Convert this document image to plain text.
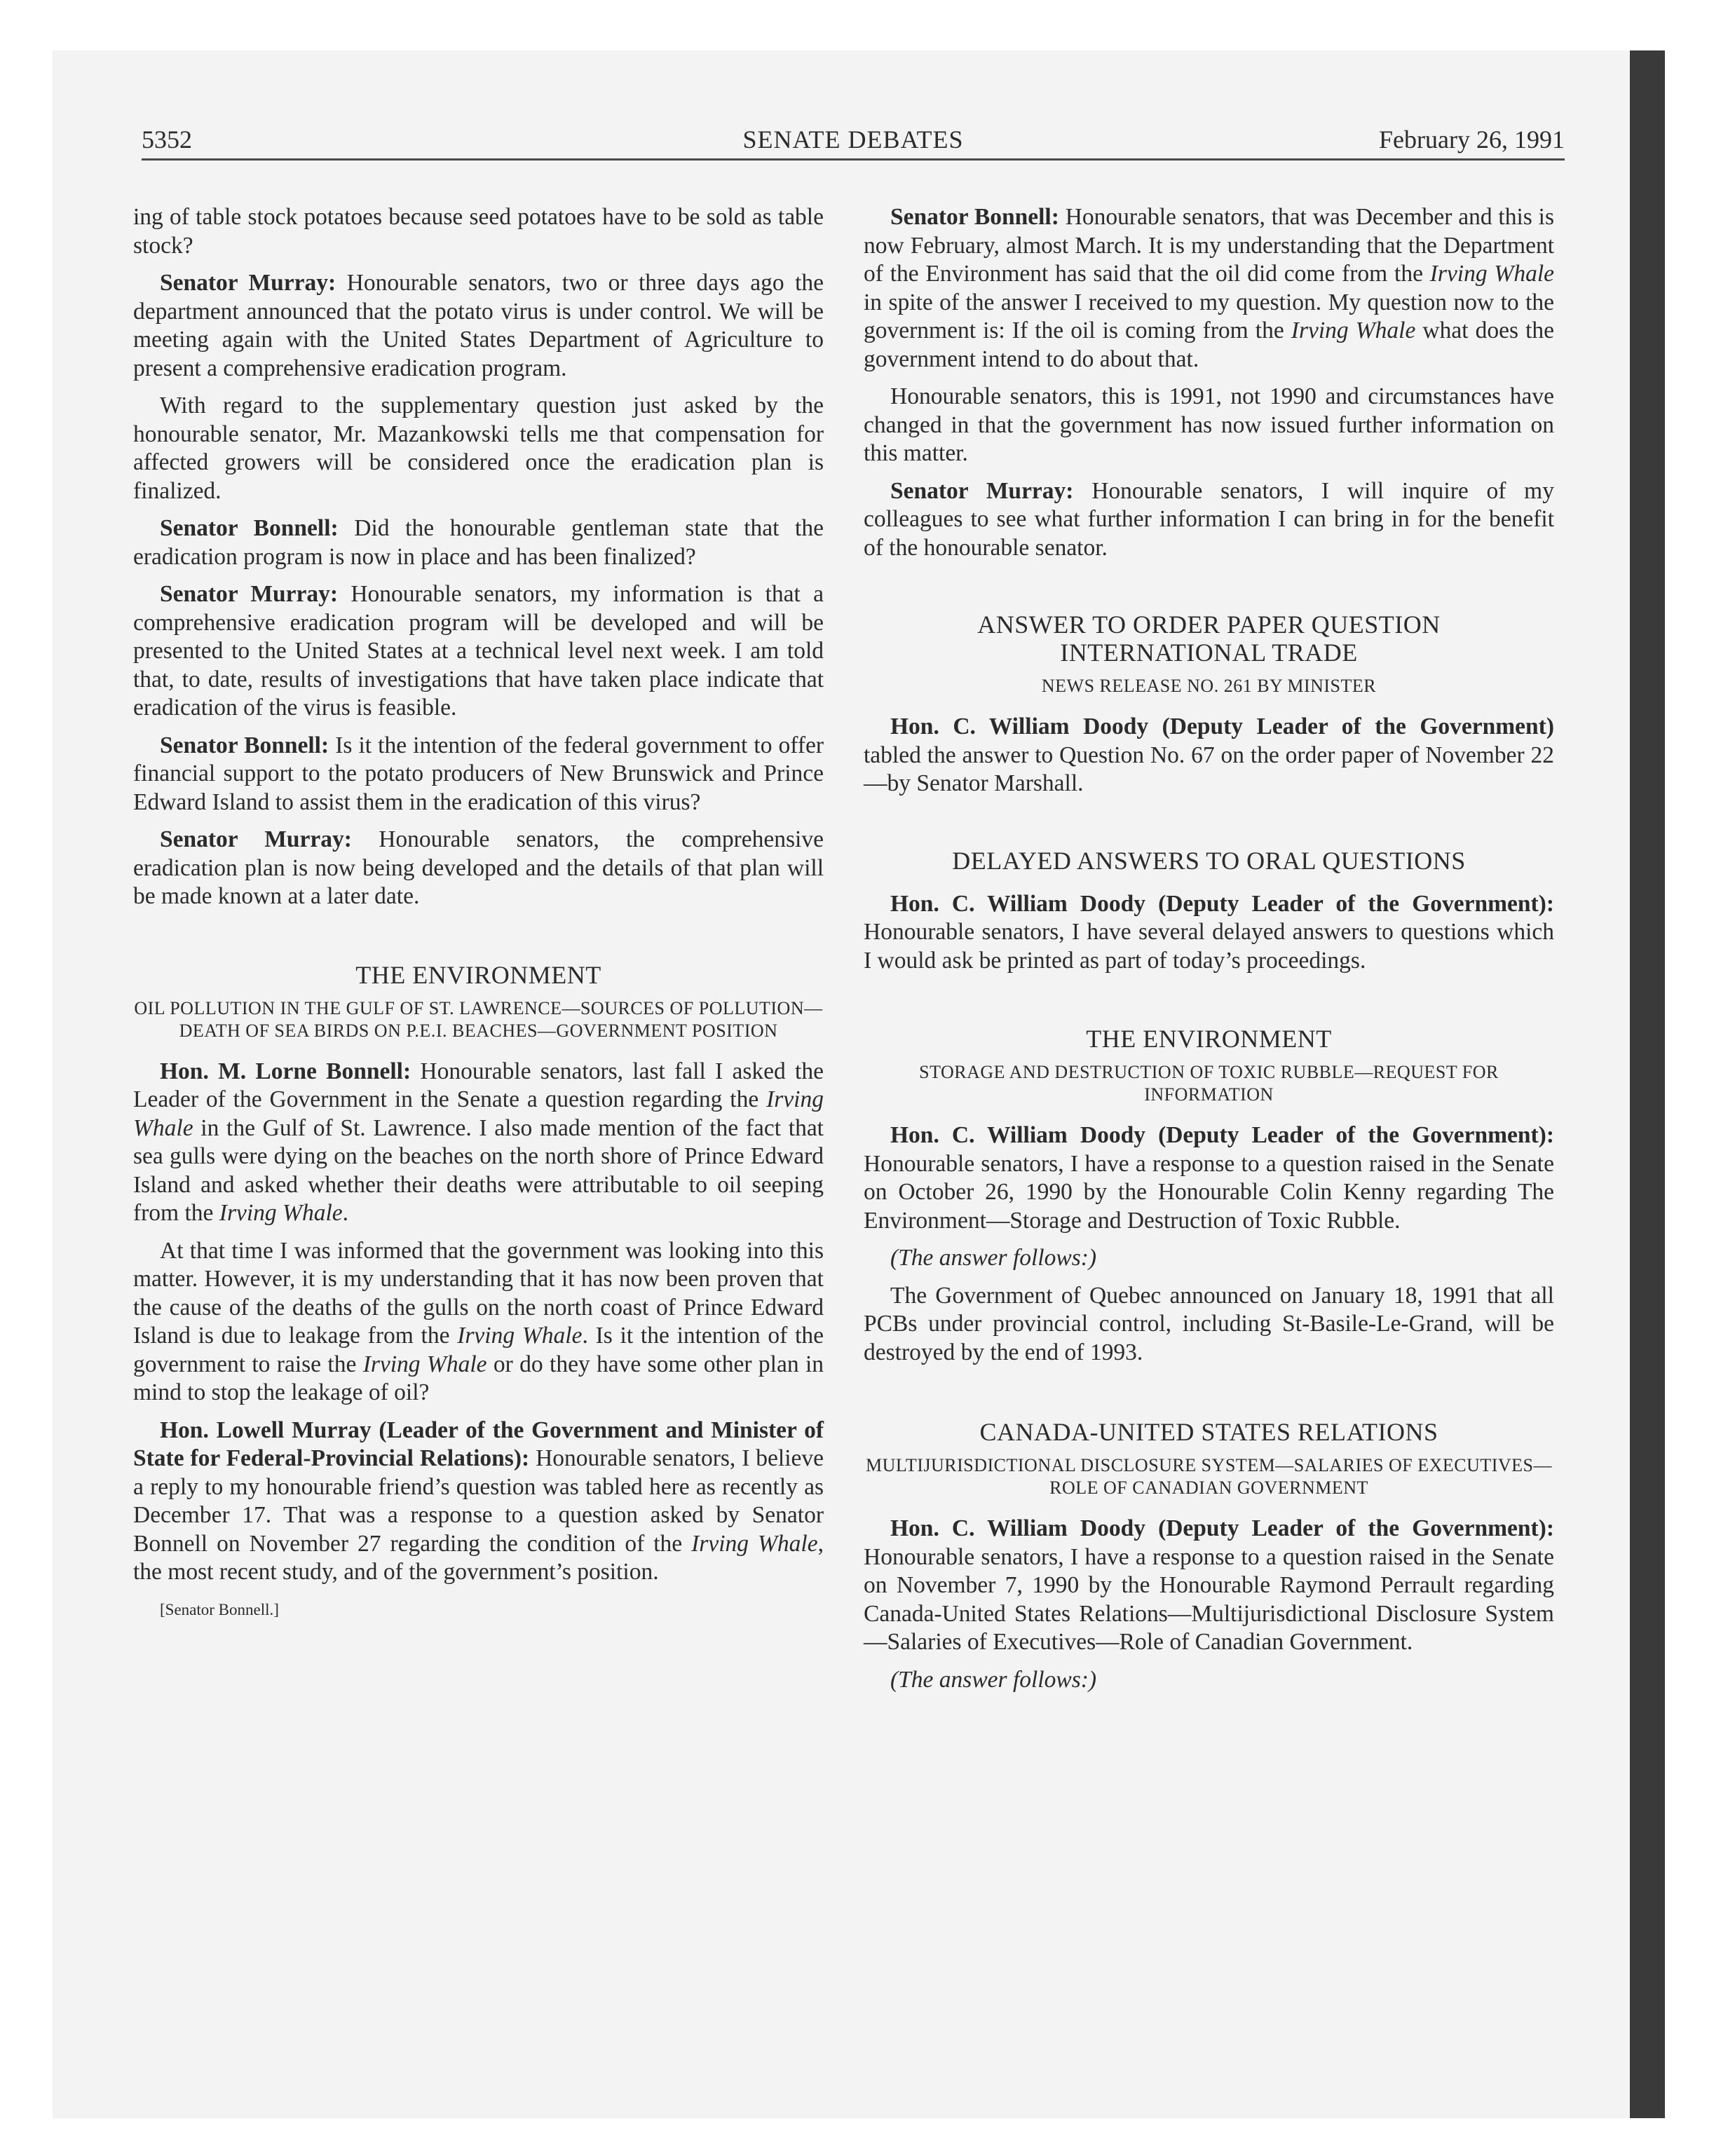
5352	SENATE DEBATES	February 26, 1991

ing of table stock potatoes because seed potatoes have to be sold as table stock?

Senator Murray: Honourable senators, two or three days ago the department announced that the potato virus is under control. We will be meeting again with the United States Department of Agriculture to present a comprehensive eradication program.

With regard to the supplementary question just asked by the honourable senator, Mr. Mazankowski tells me that compensation for affected growers will be considered once the eradication plan is finalized.

Senator Bonnell: Did the honourable gentleman state that the eradication program is now in place and has been finalized?

Senator Murray: Honourable senators, my information is that a comprehensive eradication program will be developed and will be presented to the United States at a technical level next week. I am told that, to date, results of investigations that have taken place indicate that eradication of the virus is feasible.

Senator Bonnell: Is it the intention of the federal government to offer financial support to the potato producers of New Brunswick and Prince Edward Island to assist them in the eradication of this virus?

Senator Murray: Honourable senators, the comprehensive eradication plan is now being developed and the details of that plan will be made known at a later date.

THE ENVIRONMENT
OIL POLLUTION IN THE GULF OF ST. LAWRENCE—SOURCES OF POLLUTION—DEATH OF SEA BIRDS ON P.E.I. BEACHES—GOVERNMENT POSITION

Hon. M. Lorne Bonnell: Honourable senators, last fall I asked the Leader of the Government in the Senate a question regarding the Irving Whale in the Gulf of St. Lawrence. I also made mention of the fact that sea gulls were dying on the beaches on the north shore of Prince Edward Island and asked whether their deaths were attributable to oil seeping from the Irving Whale.

At that time I was informed that the government was looking into this matter. However, it is my understanding that it has now been proven that the cause of the deaths of the gulls on the north coast of Prince Edward Island is due to leakage from the Irving Whale. Is it the intention of the government to raise the Irving Whale or do they have some other plan in mind to stop the leakage of oil?

Hon. Lowell Murray (Leader of the Government and Minister of State for Federal-Provincial Relations): Honourable senators, I believe a reply to my honourable friend’s question was tabled here as recently as December 17. That was a response to a question asked by Senator Bonnell on November 27 regarding the condition of the Irving Whale, the most recent study, and of the government’s position.

[Senator Bonnell.]

Senator Bonnell: Honourable senators, that was December and this is now February, almost March. It is my understanding that the Department of the Environment has said that the oil did come from the Irving Whale in spite of the answer I received to my question. My question now to the government is: If the oil is coming from the Irving Whale what does the government intend to do about that.

Honourable senators, this is 1991, not 1990 and circumstances have changed in that the government has now issued further information on this matter.

Senator Murray: Honourable senators, I will inquire of my colleagues to see what further information I can bring in for the benefit of the honourable senator.

ANSWER TO ORDER PAPER QUESTION
INTERNATIONAL TRADE
NEWS RELEASE NO. 261 BY MINISTER

Hon. C. William Doody (Deputy Leader of the Government) tabled the answer to Question No. 67 on the order paper of November 22—by Senator Marshall.

DELAYED ANSWERS TO ORAL QUESTIONS

Hon. C. William Doody (Deputy Leader of the Government): Honourable senators, I have several delayed answers to questions which I would ask be printed as part of today’s proceedings.

THE ENVIRONMENT
STORAGE AND DESTRUCTION OF TOXIC RUBBLE—REQUEST FOR INFORMATION

Hon. C. William Doody (Deputy Leader of the Government): Honourable senators, I have a response to a question raised in the Senate on October 26, 1990 by the Honourable Colin Kenny regarding The Environment—Storage and Destruction of Toxic Rubble.

(The answer follows:)

The Government of Quebec announced on January 18, 1991 that all PCBs under provincial control, including St-Basile-Le-Grand, will be destroyed by the end of 1993.

CANADA-UNITED STATES RELATIONS
MULTIJURISDICTIONAL DISCLOSURE SYSTEM—SALARIES OF EXECUTIVES—ROLE OF CANADIAN GOVERNMENT

Hon. C. William Doody (Deputy Leader of the Government): Honourable senators, I have a response to a question raised in the Senate on November 7, 1990 by the Honourable Raymond Perrault regarding Canada-United States Relations—Multijurisdictional Disclosure System—Salaries of Executives—Role of Canadian Government.

(The answer follows:)
